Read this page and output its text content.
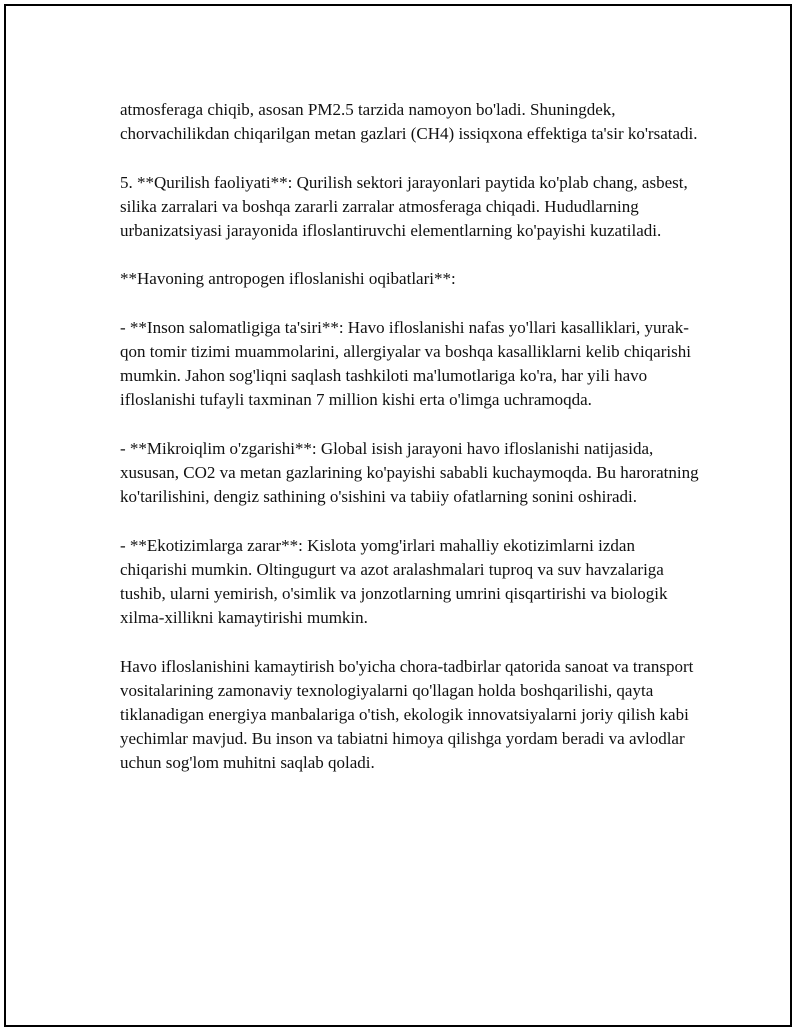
atmosferaga chiqib, asosan PM2.5 tarzida namoyon bo'ladi. Shuningdek, chorvachilikdan chiqarilgan metan gazlari (CH4) issiqxona effektiga ta'sir ko'rsatadi.

5. **Qurilish faoliyati**: Qurilish sektori jarayonlari paytida ko'plab chang, asbest, silika zarralari va boshqa zararli zarralar atmosferaga chiqadi. Hududlarning urbanizatsiyasi jarayonida ifloslantiruvchi elementlarning ko'payishi kuzatiladi.

**Havoning antropogen ifloslanishi oqibatlari**:

- **Inson salomatligiga ta'siri**: Havo ifloslanishi nafas yo'llari kasalliklari, yurak-qon tomir tizimi muammolarini, allergiyalar va boshqa kasalliklarni kelib chiqarishi mumkin. Jahon sog'liqni saqlash tashkiloti ma'lumotlariga ko'ra, har yili havo ifloslanishi tufayli taxminan 7 million kishi erta o'limga uchramoqda.

- **Mikroiqlim o'zgarishi**: Global isish jarayoni havo ifloslanishi natijasida, xususan, CO2 va metan gazlarining ko'payishi sababli kuchaymoqda. Bu haroratning ko'tarilishini, dengiz sathining o'sishini va tabiiy ofatlarning sonini oshiradi.

- **Ekotizimlarga zarar**: Kislota yomg'irlari mahalliy ekotizimlarni izdan chiqarishi mumkin. Oltingugurt va azot aralashmalari tuproq va suv havzalariga tushib, ularni yemirish, o'simlik va jonzotlarning umrini qisqartirishi va biologik xilma-xillikni kamaytirishi mumkin.

Havo ifloslanishini kamaytirish bo'yicha chora-tadbirlar qatorida sanoat va transport vositalarining zamonaviy texnologiyalarni qo'llagan holda boshqarilishi, qayta tiklanadigan energiya manbalariga o'tish, ekologik innovatsiyalarni joriy qilish kabi yechimlar mavjud. Bu inson va tabiatni himoya qilishga yordam beradi va avlodlar uchun sog'lom muhitni saqlab qoladi.
